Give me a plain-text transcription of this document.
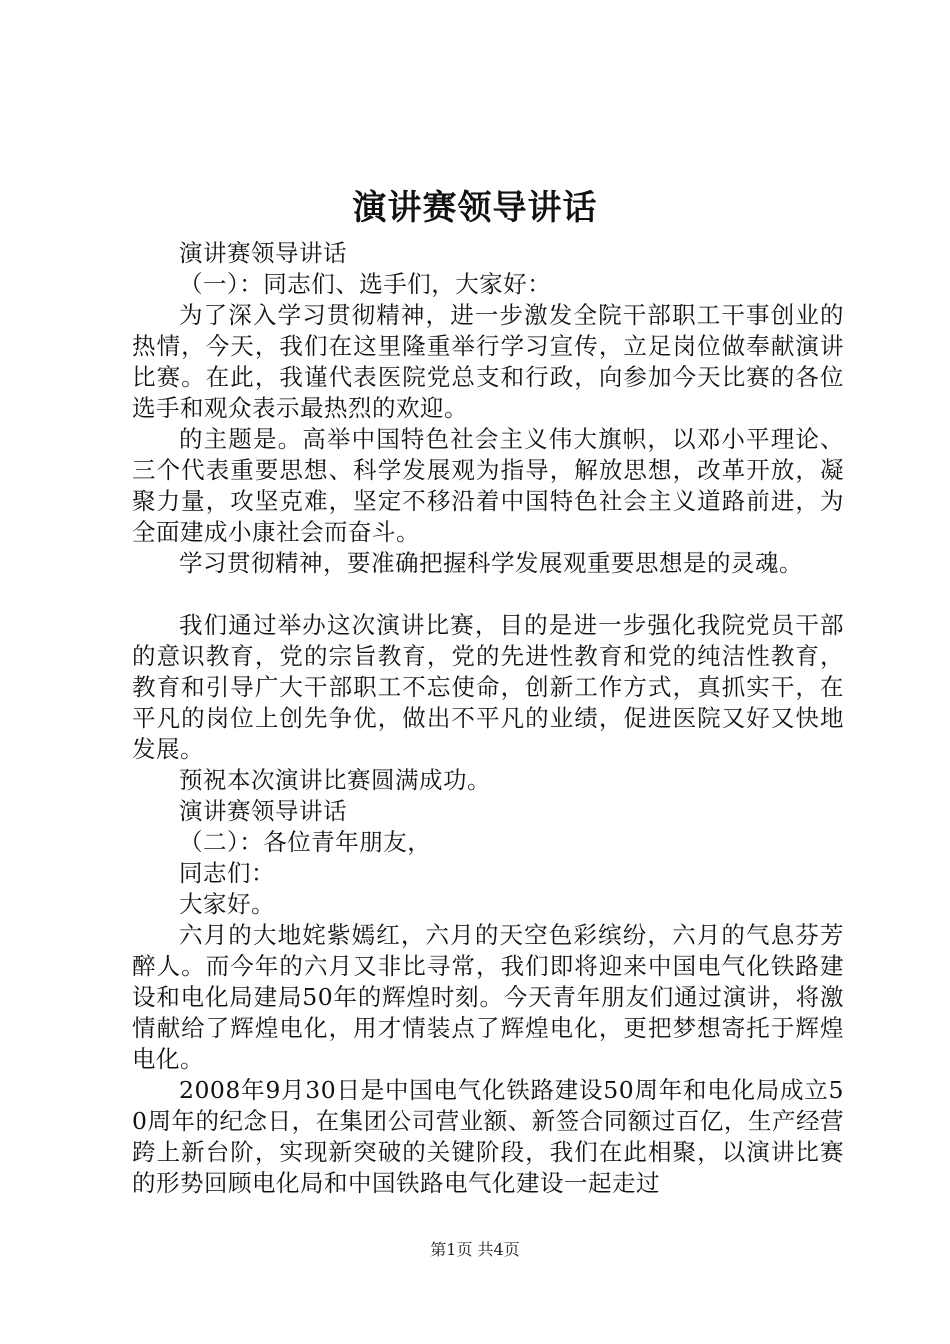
演讲赛领导讲话

演讲赛领导讲话

（一）：同志们、选手们，大家好：

为了深入学习贯彻精神，进一步激发全院干部职工干事创业的热情，今天，我们在这里隆重举行学习宣传，立足岗位做奉献演讲比赛。在此，我谨代表医院党总支和行政，向参加今天比赛的各位选手和观众表示最热烈的欢迎。

的主题是。高举中国特色社会主义伟大旗帜，以邓小平理论、三个代表重要思想、科学发展观为指导，解放思想，改革开放，凝聚力量，攻坚克难，坚定不移沿着中国特色社会主义道路前进，为全面建成小康社会而奋斗。

学习贯彻精神，要准确把握科学发展观重要思想是的灵魂。

我们通过举办这次演讲比赛，目的是进一步强化我院党员干部的意识教育，党的宗旨教育，党的先进性教育和党的纯洁性教育，教育和引导广大干部职工不忘使命，创新工作方式，真抓实干，在平凡的岗位上创先争优，做出不平凡的业绩，促进医院又好又快地发展。

预祝本次演讲比赛圆满成功。

演讲赛领导讲话

（二）：各位青年朋友，

同志们：

大家好。

六月的大地姹紫嫣红，六月的天空色彩缤纷，六月的气息芬芳醉人。而今年的六月又非比寻常，我们即将迎来中国电气化铁路建设和电化局建局50年的辉煌时刻。今天青年朋友们通过演讲，将激情献给了辉煌电化，用才情装点了辉煌电化，更把梦想寄托于辉煌电化。

2008年9月30日是中国电气化铁路建设50周年和电化局成立50周年的纪念日，在集团公司营业额、新签合同额过百亿，生产经营跨上新台阶，实现新突破的关键阶段，我们在此相聚，以演讲比赛的形势回顾电化局和中国铁路电气化建设一起走过

第1页 共4页
